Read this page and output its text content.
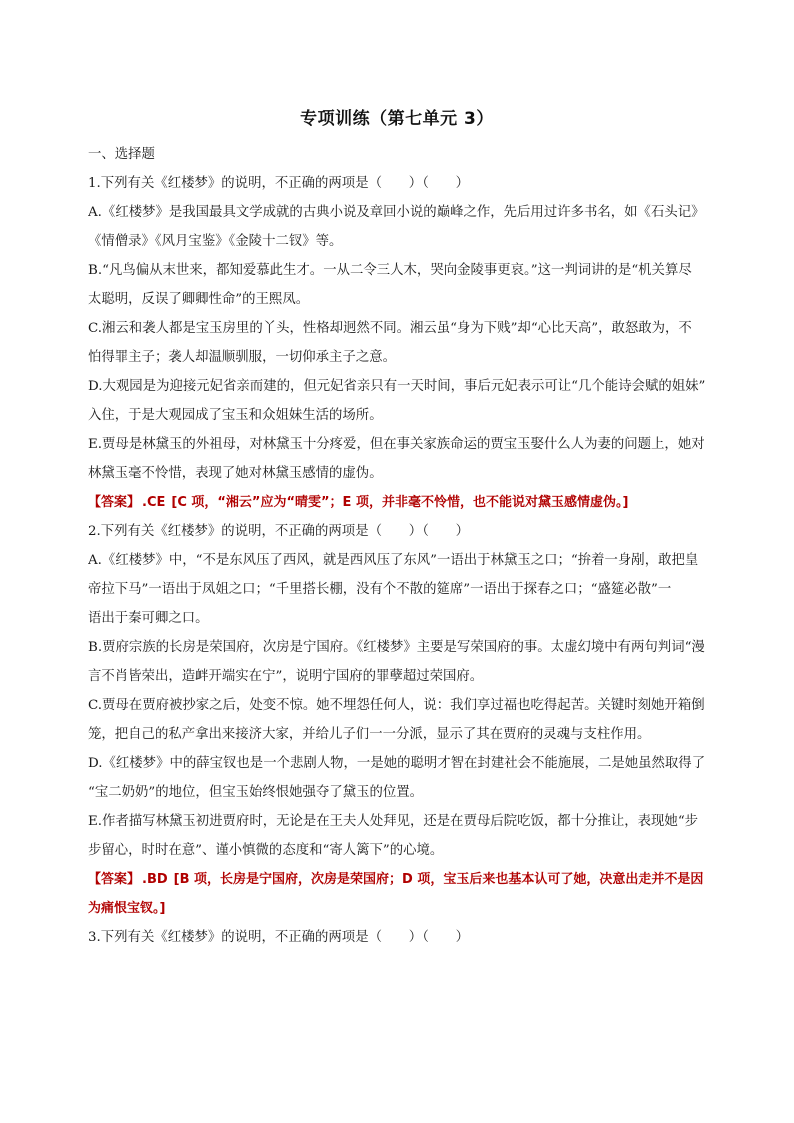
专项训练（第七单元 3）
一、选择题
1.下列有关《红楼梦》的说明，不正确的两项是（　　）（　　）
A.《红楼梦》是我国最具文学成就的古典小说及章回小说的巅峰之作，先后用过许多书名，如《石头记》
《情僧录》《风月宝鉴》《金陵十二钗》等。
B.“凡鸟偏从末世来，都知爱慕此生才。一从二令三人木，哭向金陵事更哀。”这一判词讲的是“机关算尽
太聪明，反误了卿卿性命”的王熙凤。
C.湘云和袭人都是宝玉房里的丫头，性格却迥然不同。湘云虽“身为下贱”却“心比天高”，敢怒敢为，不
怕得罪主子；袭人却温顺驯服，一切仰承主子之意。
D.大观园是为迎接元妃省亲而建的，但元妃省亲只有一天时间，事后元妃表示可让“几个能诗会赋的姐妹”
入住，于是大观园成了宝玉和众姐妹生活的场所。
E.贾母是林黛玉的外祖母，对林黛玉十分疼爱，但在事关家族命运的贾宝玉娶什么人为妻的问题上，她对
林黛玉毫不怜惜，表现了她对林黛玉感情的虚伪。
【答案】 .CE [C 项，“湘云”应为“晴雯”；E 项，并非毫不怜惜，也不能说对黛玉感情虚伪。]
2.下列有关《红楼梦》的说明，不正确的两项是（　　）（　　）
A.《红楼梦》中，“不是东风压了西风，就是西风压了东风”一语出于林黛玉之口；“拚着一身剐，敢把皇
帝拉下马”一语出于凤姐之口；“千里搭长棚，没有个不散的筵席”一语出于探春之口；“盛筵必散”一
语出于秦可卿之口。
B.贾府宗族的长房是荣国府，次房是宁国府。《红楼梦》主要是写荣国府的事。太虚幻境中有两句判词“漫
言不肖皆荣出，造衅开端实在宁”，说明宁国府的罪孽超过荣国府。
C.贾母在贾府被抄家之后，处变不惊。她不埋怨任何人，说：我们享过福也吃得起苦。关键时刻她开箱倒
笼，把自己的私产拿出来接济大家，并给儿子们一一分派，显示了其在贾府的灵魂与支柱作用。
D.《红楼梦》中的薛宝钗也是一个悲剧人物，一是她的聪明才智在封建社会不能施展，二是她虽然取得了
“宝二奶奶”的地位，但宝玉始终恨她强夺了黛玉的位置。
E.作者描写林黛玉初进贾府时，无论是在王夫人处拜见，还是在贾母后院吃饭，都十分推让，表现她“步
步留心，时时在意”、谨小慎微的态度和“寄人篱下”的心境。
【答案】 .BD [B 项，长房是宁国府，次房是荣国府；D 项，宝玉后来也基本认可了她，决意出走并不是因
为痛恨宝钗。]
3.下列有关《红楼梦》的说明，不正确的两项是（　　）（　　）
